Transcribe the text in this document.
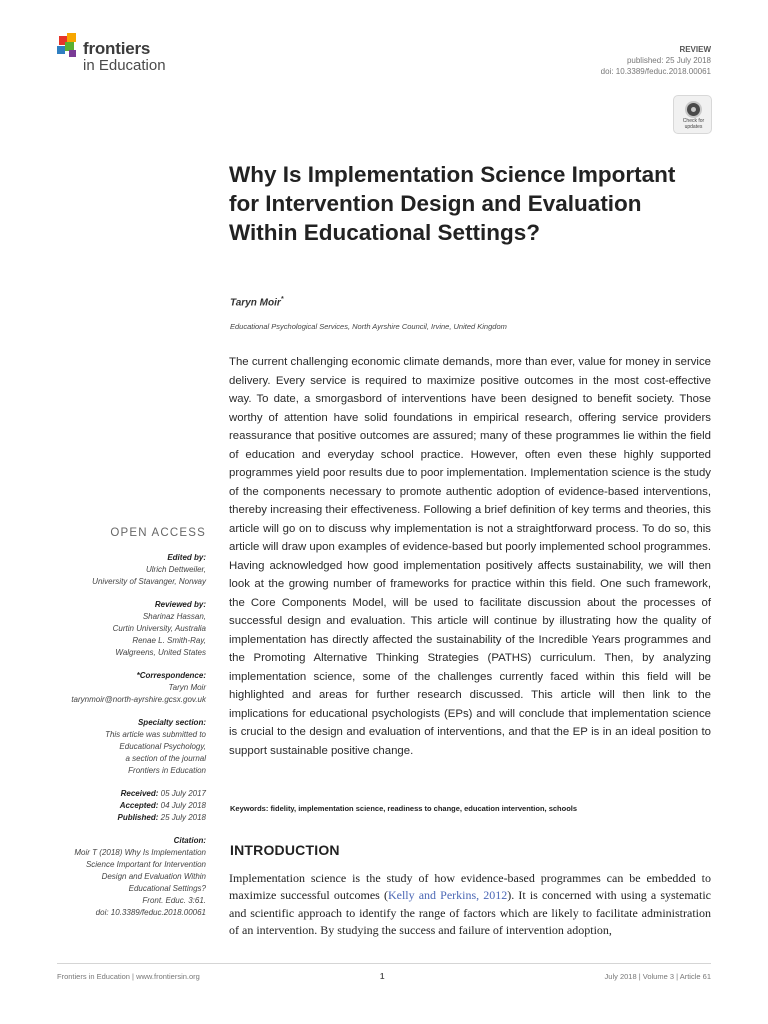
frontiers
in Education
REVIEW
published: 25 July 2018
doi: 10.3389/feduc.2018.00061
Check for updates
Why Is Implementation Science Important for Intervention Design and Evaluation Within Educational Settings?
Taryn Moir*
Educational Psychological Services, North Ayrshire Council, Irvine, United Kingdom

The current challenging economic climate demands, more than ever, value for money in service delivery. Every service is required to maximize positive outcomes in the most cost-effective way. To date, a smorgasbord of interventions have been designed to benefit society. Those worthy of attention have solid foundations in empirical research, offering service providers reassurance that positive outcomes are assured; many of these programmes lie within the field of education and everyday school practice. However, often even these highly supported programmes yield poor results due to poor implementation. Implementation science is the study of the components necessary to promote authentic adoption of evidence-based interventions, thereby increasing their effectiveness. Following a brief definition of key terms and theories, this article will go on to discuss why implementation is not a straightforward process. To do so, this article will draw upon examples of evidence-based but poorly implemented school programmes. Having acknowledged how good implementation positively affects sustainability, we will then look at the growing number of frameworks for practice within this field. One such framework, the Core Components Model, will be used to facilitate discussion about the processes of successful design and evaluation. This article will continue by illustrating how the quality of implementation has directly affected the sustainability of the Incredible Years programmes and the Promoting Alternative Thinking Strategies (PATHS) curriculum. Then, by analyzing implementation science, some of the challenges currently faced within this field will be highlighted and areas for further research discussed. This article will then link to the implications for educational psychologists (EPs) and will conclude that implementation science is crucial to the design and evaluation of interventions, and that the EP is in an ideal position to support sustainable positive change.

Keywords: fidelity, implementation science, readiness to change, education intervention, schools
INTRODUCTION

Implementation science is the study of how evidence-based programmes can be embedded to maximize successful outcomes (Kelly and Perkins, 2012). It is concerned with using a systematic and scientific approach to identify the range of factors which are likely to facilitate administration of an intervention. By studying the success and failure of intervention adoption,

OPEN ACCESS
Edited by:
Ulrich Dettweiler,
University of Stavanger, Norway
Reviewed by:
Sharinaz Hassan,
Curtin University, Australia
Renae L. Smith-Ray,
Walgreens, United States
*Correspondence:
Taryn Moir
tarynmoir@north-ayrshire.gcsx.gov.uk
Specialty section:
This article was submitted to
Educational Psychology,
a section of the journal
Frontiers in Education
Received: 05 July 2017
Accepted: 04 July 2018
Published: 25 July 2018
Citation:
Moir T (2018) Why Is Implementation
Science Important for Intervention
Design and Evaluation Within
Educational Settings?
Front. Educ. 3:61.
doi: 10.3389/feduc.2018.00061
Frontiers in Education | www.frontiersin.org	1	July 2018 | Volume 3 | Article 61
